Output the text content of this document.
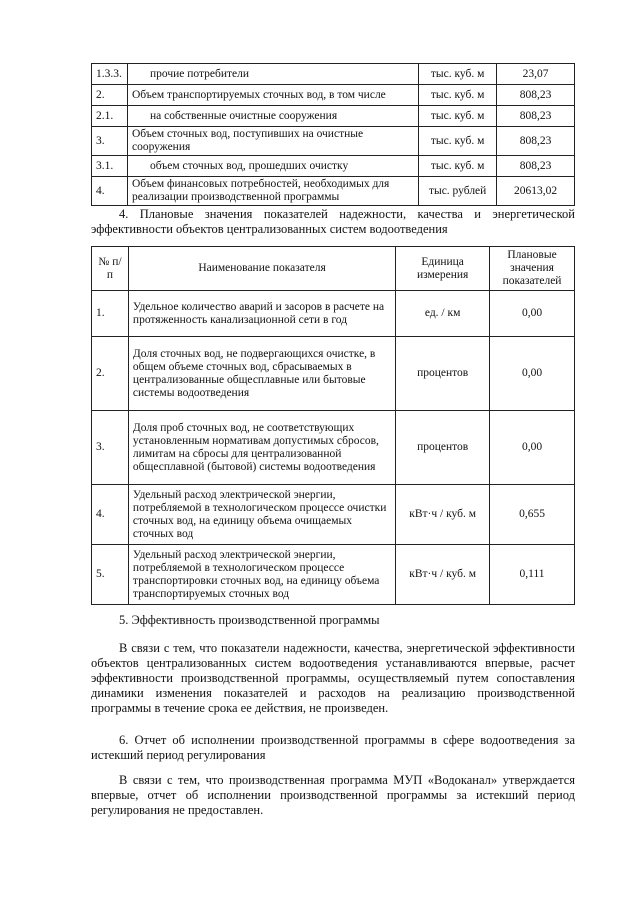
1.3.3.	прочие потребители	тыс. куб. м	23,07
2.	Объем транспортируемых сточных вод, в том числе	тыс. куб. м	808,23
2.1.	на собственные очистные сооружения	тыс. куб. м	808,23
3.	Объем сточных вод, поступивших на очистные сооружения	тыс. куб. м	808,23
3.1.	объем сточных вод, прошедших очистку	тыс. куб. м	808,23
4.	Объем финансовых потребностей, необходимых для реализации производственной программы	тыс. рублей	20613,02

4. Плановые значения показателей надежности, качества и энергетической эффективности объектов централизованных систем водоотведения

№ п/п	Наименование показателя	Единица измерения	Плановые значения показателей
1.	Удельное количество аварий и засоров в расчете на протяженность канализационной сети в год	ед. / км	0,00
2.	Доля сточных вод, не подвергающихся очистке, в общем объеме сточных вод, сбрасываемых в централизованные общесплавные или бытовые системы водоотведения	процентов	0,00
3.	Доля проб сточных вод, не соответствующих установленным нормативам допустимых сбросов, лимитам на сбросы для централизованной общесплавной (бытовой) системы водоотведения	процентов	0,00
4.	Удельный расход электрической энергии, потребляемой в технологическом процессе очистки сточных вод, на единицу объема очищаемых сточных вод	кВт·ч / куб. м	0,655
5.	Удельный расход электрической энергии, потребляемой в технологическом процессе транспортировки сточных вод, на единицу объема транспортируемых сточных вод	кВт·ч / куб. м	0,111

5. Эффективность производственной программы

В связи с тем, что показатели надежности, качества, энергетической эффективности объектов централизованных систем водоотведения устанавливаются впервые, расчет эффективности производственной программы, осуществляемый путем сопоставления динамики изменения показателей и расходов на реализацию производственной программы в течение срока ее действия, не произведен.

6. Отчет об исполнении производственной программы в сфере водоотведения за истекший период регулирования

В связи с тем, что производственная программа МУП «Водоканал» утверждается впервые, отчет об исполнении производственной программы за истекший период регулирования не предоставлен.
